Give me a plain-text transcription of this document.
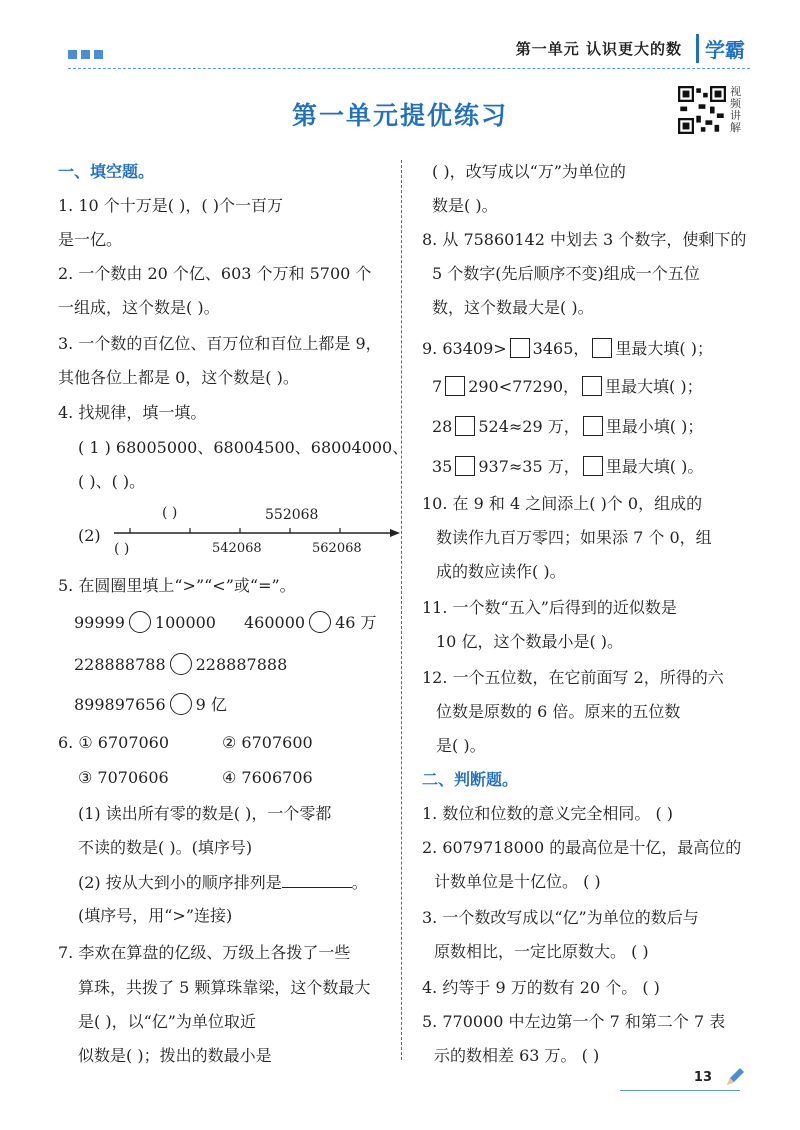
第一单元 认识更大的数	学霸
第一单元提优练习
视频讲解
一、填空题。
1. 10 个十万是( )，( )个一百万
是一亿。
2. 一个数由 20 个亿、603 个万和 5700 个
一组成，这个数是( )。
3. 一个数的百亿位、百万位和百位上都是 9，
其他各位上都是 0，这个数是( )。
4. 找规律，填一填。
( 1 ) 68005000、68004500、68004000、
( )、( )。
(2)
( )	552068
( )	542068	562068
5. 在圆圈里填上“>”“<”或“=”。
99999 100000 460000 46 万
228888788 228887888
899897656 9 亿
6. ① 6707060	② 6707600
③ 7070606	④ 7606706
(1) 读出所有零的数是( )，一个零都
不读的数是( )。(填序号)
(2) 按从大到小的顺序排列是	。
(填序号，用“>”连接)
7. 李欢在算盘的亿级、万级上各拨了一些
算珠，共拨了 5 颗算珠靠梁，这个数最大
是( )，以“亿”为单位取近
似数是( )；拨出的数最小是
( )，改写成以“万”为单位的
数是( )。
8. 从 75860142 中划去 3 个数字，使剩下的
5 个数字(先后顺序不变)组成一个五位
数，这个数最大是( )。
9. 63409> 3465， 里最大填( )；
7 290<77290， 里最大填( )；
28 524≈29 万， 里最小填( )；
35 937≈35 万， 里最大填( )。
10. 在 9 和 4 之间添上( )个 0，组成的
数读作九百万零四；如果添 7 个 0，组
成的数应读作( )。
11. 一个数“五入”后得到的近似数是
10 亿，这个数最小是( )。
12. 一个五位数，在它前面写 2，所得的六
位数是原数的 6 倍。原来的五位数
是( )。
二、判断题。
1. 数位和位数的意义完全相同。 ( )
2. 6079718000 的最高位是十亿，最高位的
计数单位是十亿位。 ( )
3. 一个数改写成以“亿”为单位的数后与
原数相比，一定比原数大。 ( )
4. 约等于 9 万的数有 20 个。 ( )
5. 770000 中左边第一个 7 和第二个 7 表
示的数相差 63 万。 ( )
13
